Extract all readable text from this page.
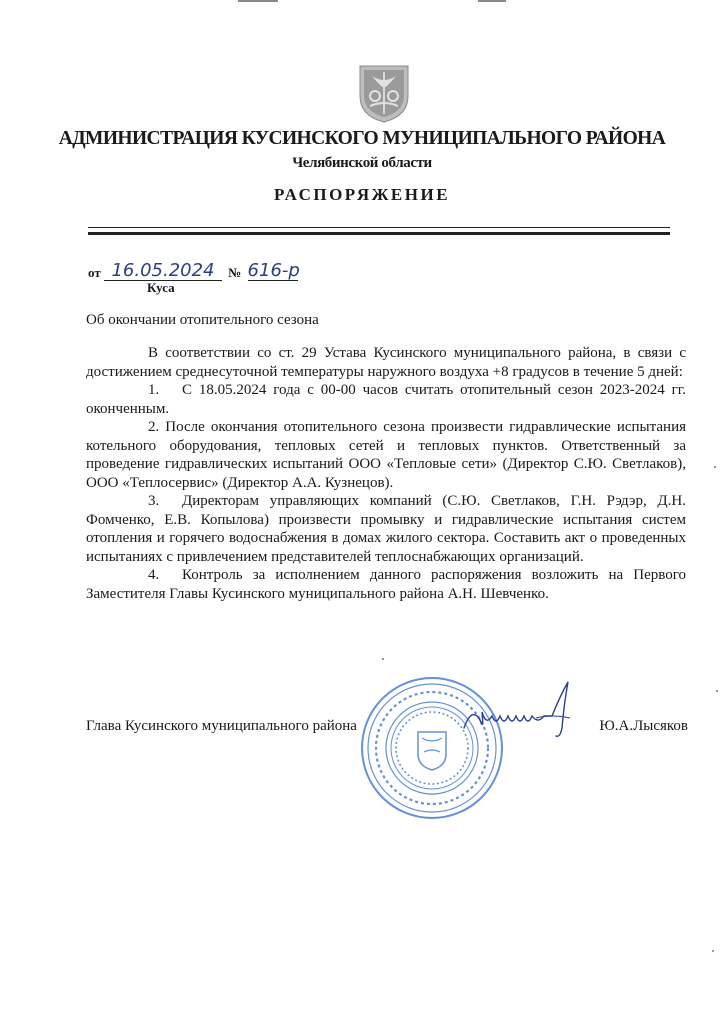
АДМИНИСТРАЦИЯ КУСИНСКОГО МУНИЦИПАЛЬНОГО РАЙОНА
Челябинской области
РАСПОРЯЖЕНИЕ
от 16.05.2024 № 616-р
Куса
Об окончании отопительного сезона

В соответствии со ст. 29 Устава Кусинского муниципального района, в связи с достижением среднесуточной температуры наружного воздуха +8 градусов в течение 5 дней:

1. С 18.05.2024 года с 00-00 часов считать отопительный сезон 2023-2024 гг. оконченным.

2. После окончания отопительного сезона произвести гидравлические испытания котельного оборудования, тепловых сетей и тепловых пунктов. Ответственный за проведение гидравлических испытаний ООО «Тепловые сети» (Директор С.Ю. Светлаков), ООО «Теплосервис» (Директор А.А. Кузнецов).

3. Директорам управляющих компаний (С.Ю. Светлаков, Г.Н. Рэдэр, Д.Н. Фомченко, Е.В. Копылова) произвести промывку и гидравлические испытания систем отопления и горячего водоснабжения в домах жилого сектора. Составить акт о проведенных испытаниях с привлечением представителей теплоснабжающих организаций.

4. Контроль за исполнением данного распоряжения возложить на Первого Заместителя Главы Кусинского муниципального района А.Н. Шевченко.

Глава Кусинского муниципального района	Ю.А.Лысяков
